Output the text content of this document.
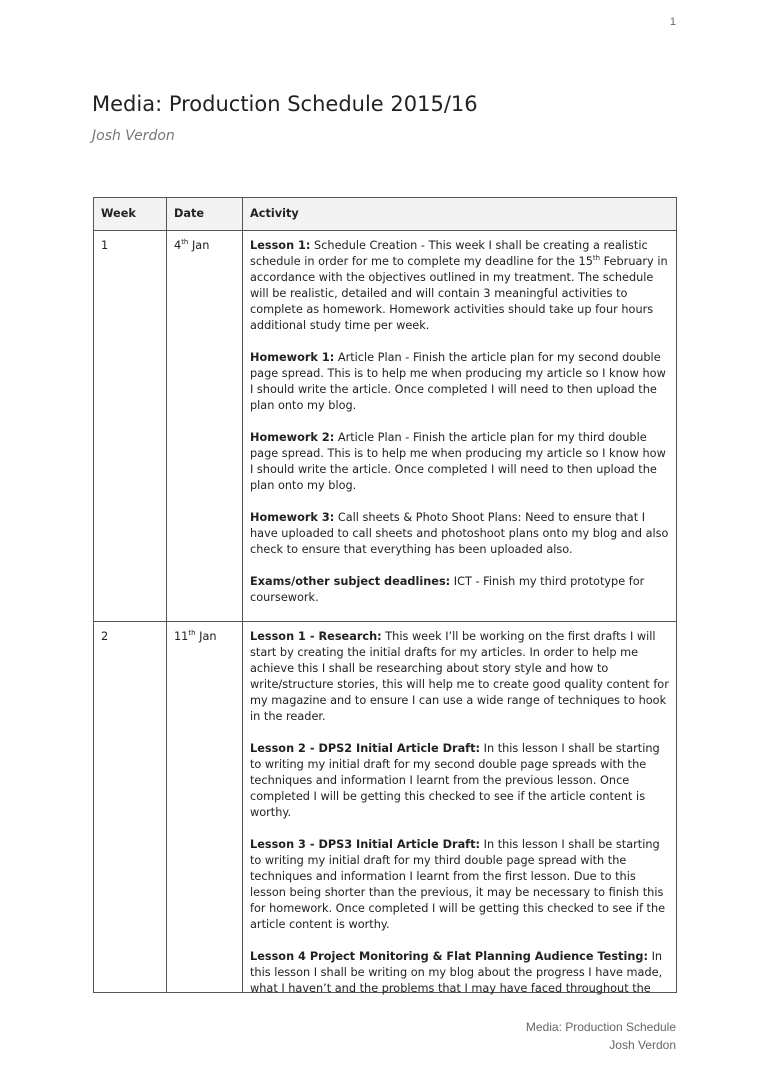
1
Media: Production Schedule 2015/16
Josh Verdon
Week	Date	Activity
1	4th Jan	Lesson 1: Schedule Creation - This week I shall be creating a realistic schedule in order for me to complete my deadline for the 15th February in accordance with the objectives outlined in my treatment. The schedule will be realistic, detailed and will contain 3 meaningful activities to complete as homework. Homework activities should take up four hours additional study time per week.

Homework 1: Article Plan - Finish the article plan for my second double page spread. This is to help me when producing my article so I know how I should write the article. Once completed I will need to then upload the plan onto my blog.

Homework 2: Article Plan - Finish the article plan for my third double page spread. This is to help me when producing my article so I know how I should write the article. Once completed I will need to then upload the plan onto my blog.

Homework 3: Call sheets & Photo Shoot Plans: Need to ensure that I have uploaded to call sheets and photoshoot plans onto my blog and also check to ensure that everything has been uploaded also.

Exams/other subject deadlines: ICT - Finish my third prototype for coursework.

2	11th Jan	Lesson 1 - Research: This week I’ll be working on the first drafts I will start by creating the initial drafts for my articles. In order to help me achieve this I shall be researching about story style and how to write/structure stories, this will help me to create good quality content for my magazine and to ensure I can use a wide range of techniques to hook in the reader.

Lesson 2 - DPS2 Initial Article Draft: In this lesson I shall be starting to writing my initial draft for my second double page spreads with the techniques and information I learnt from the previous lesson. Once completed I will be getting this checked to see if the article content is worthy.

Lesson 3 - DPS3 Initial Article Draft: In this lesson I shall be starting to writing my initial draft for my third double page spread with the techniques and information I learnt from the first lesson. Due to this lesson being shorter than the previous, it may be necessary to finish this for homework. Once completed I will be getting this checked to see if the article content is worthy.

Lesson 4 Project Monitoring & Flat Planning Audience Testing: In this lesson I shall be writing on my blog about the progress I have made, what I haven’t and the problems that I may have faced throughout the

Media: Production Schedule
Josh Verdon
